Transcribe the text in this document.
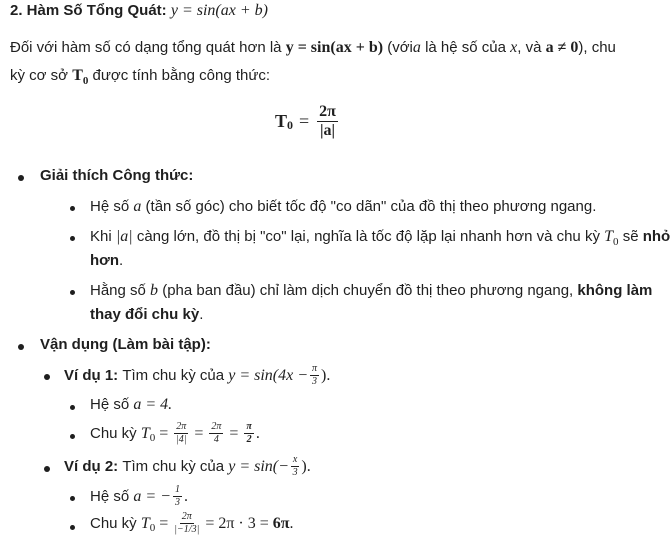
2. Hàm Số Tổng Quát: y = sin(ax + b)
Đối với hàm số có dạng tổng quát hơn là y = sin(ax + b) (vớia là hệ số của x, và a ≠ 0), chu
kỳ cơ sở $T_0$ được tính bằng công thức:
$T_0 = \frac{2\pi}{|a|}$
Giải thích Công thức:
Hệ số a (tần số góc) cho biết tốc độ "co dãn" của đồ thị theo phương ngang.
Khi |a| càng lớn, đồ thị bị "co" lại, nghĩa là tốc độ lặp lại nhanh hơn và chu kỳ $T_0$ sẽ nhỏ
hơn.
Hằng số b (pha ban đầu) chỉ làm dịch chuyển đồ thị theo phương ngang, không làm
thay đổi chu kỳ.
Vận dụng (Làm bài tập):
Ví dụ 1:
Tìm chu kỳ của
$y = \sin(4x - \frac{\pi}{3}$ ).
Hệ số a = 4.
Chu kỳ
$T_0 = \frac{2\pi}{|4|} = \frac{2\pi}{4} = \frac{\pi}{2}$ .
Ví dụ 2:
Tìm chu kỳ của
$y = \sin(- \frac{x}{3}$ ).
Hệ số
a = − $\frac{1}{3}$ .
Chu kỳ
$T_0 = \frac{2\pi}{|-1/3|} = 2\pi \cdot 3 = 6\pi$ .
